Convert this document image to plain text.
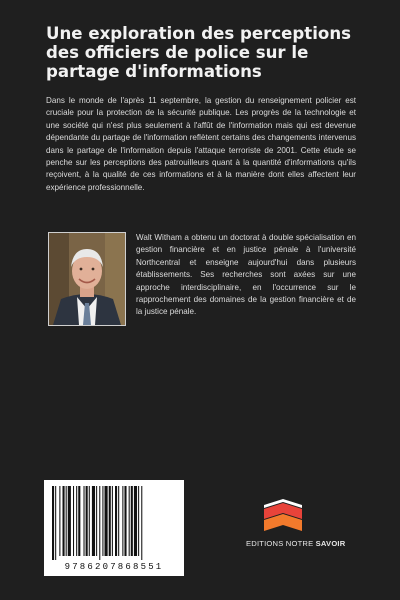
Une exploration des perceptions des officiers de police sur le partage d'informations

Dans le monde de l'après 11 septembre, la gestion du renseignement policier est cruciale pour la protection de la sécurité publique. Les progrès de la technologie et une société qui n'est plus seulement à l'affût de l'information mais qui est devenue dépendante du partage de l'information reflètent certains des changements intervenus dans le partage de l'information depuis l'attaque terroriste de 2001. Cette étude se penche sur les perceptions des patrouilleurs quant à la quantité d'informations qu'ils reçoivent, à la qualité de ces informations et à la manière dont elles affectent leur expérience professionnelle.

Walt Witham a obtenu un doctorat à double spécialisation en gestion financière et en justice pénale à l'université Northcentral et enseigne aujourd'hui dans plusieurs établissements. Ses recherches sont axées sur une approche interdisciplinaire, en l'occurrence sur le rapprochement des domaines de la gestion financière et de la justice pénale.

9786207868551
EDITIONS NOTRE SAVOIR
